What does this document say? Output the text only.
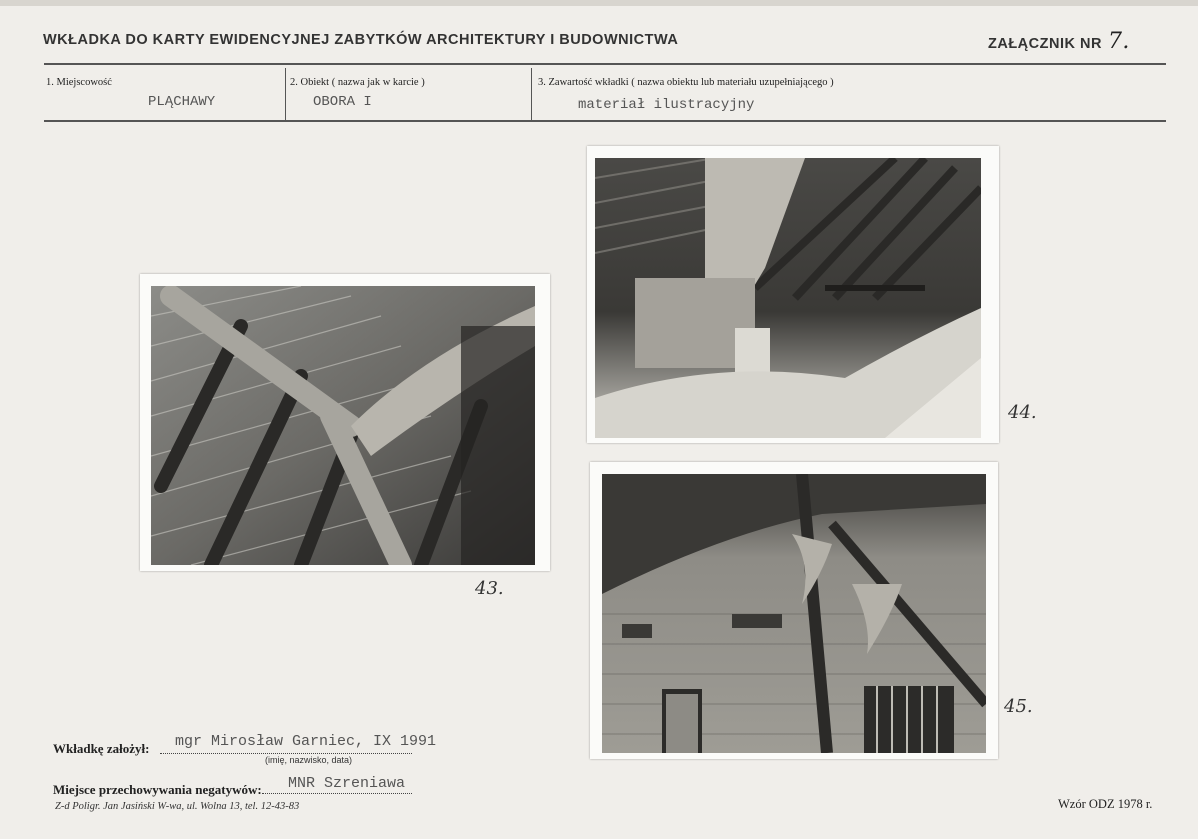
WKŁADKA DO KARTY EWIDENCYJNEJ ZABYTKÓW ARCHITEKTURY I BUDOWNICTWA	ZAŁĄCZNIK NR 7.
1. Miejscowość
PLĄCHAWY
2. Obiekt ( nazwa jak w karcie )
OBORA I
3. Zawartość wkładki ( nazwa obiektu lub materiału uzupełniającego )
materiał ilustracyjny
43.
44.
45.
Wkładkę założył: mgr Mirosław Garniec, IX 1991
(imię, nazwisko, data)
Miejsce przechowywania negatywów: MNR Szreniawa
Z-d Poligr. Jan Jasiński W-wa, ul. Wolna 13, tel. 12-43-83	Wzór ODZ 1978 r.
